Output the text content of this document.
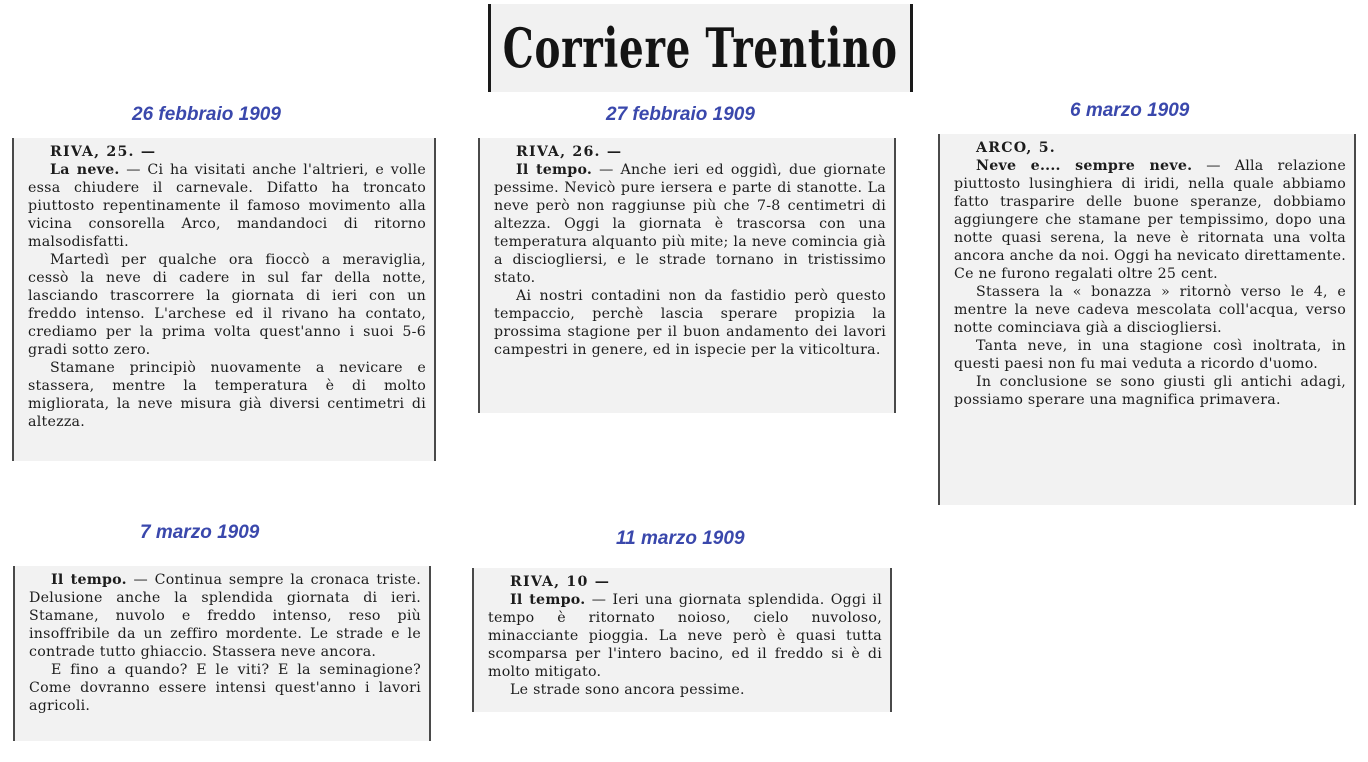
Corriere Trentino
26 febbraio 1909

RIVA, 25. —

La neve. — Ci ha visitati anche l'altrieri, e volle essa chiudere il carnevale. Difatto ha troncato piuttosto repentinamente il famoso movimento alla vicina consorella Arco, mandandoci di ritorno malsodisfatti.

Martedì per qualche ora fioccò a meraviglia, cessò la neve di cadere in sul far della notte, lasciando trascorrere la giornata di ieri con un freddo intenso. L'archese ed il rivano ha contato, crediamo per la prima volta quest'anno i suoi 5-6 gradi sotto zero.

Stamane principiò nuovamente a nevicare e stassera, mentre la temperatura è di molto migliorata, la neve misura già diversi centimetri di altezza.

27 febbraio 1909

RIVA, 26. —

Il tempo. — Anche ieri ed oggidì, due giornate pessime. Nevicò pure iersera e parte di stanotte. La neve però non raggiunse più che 7-8 centimetri di altezza. Oggi la giornata è trascorsa con una temperatura alquanto più mite; la neve comincia già a disciogliersi, e le strade tornano in tristissimo stato.

Ai nostri contadini non da fastidio però questo tempaccio, perchè lascia sperare propizia la prossima stagione per il buon andamento dei lavori campestri in genere, ed in ispecie per la viticoltura.

6 marzo 1909

ARCO, 5.

Neve e.... sempre neve. — Alla relazione piuttosto lusinghiera di iridi, nella quale abbiamo fatto trasparire delle buone speranze, dobbiamo aggiungere che stamane per tempissimo, dopo una notte quasi serena, la neve è ritornata una volta ancora anche da noi. Oggi ha nevicato direttamente. Ce ne furono regalati oltre 25 cent.

Stassera la « bonazza » ritornò verso le 4, e mentre la neve cadeva mescolata coll'acqua, verso notte cominciava già a disciogliersi.

Tanta neve, in una stagione così inoltrata, in questi paesi non fu mai veduta a ricordo d'uomo.

In conclusione se sono giusti gli antichi adagi, possiamo sperare una magnifica primavera.

7 marzo 1909

Il tempo. — Continua sempre la cronaca triste. Delusione anche la splendida giornata di ieri. Stamane, nuvolo e freddo intenso, reso più insoffribile da un zeffiro mordente. Le strade e le contrade tutto ghiaccio. Stassera neve ancora.

E fino a quando? E le viti? E la seminagione? Come dovranno essere intensi quest'anno i lavori agricoli.

11 marzo 1909

RIVA, 10 —

Il tempo. — Ieri una giornata splendida. Oggi il tempo è ritornato noioso, cielo nuvoloso, minacciante pioggia. La neve però è quasi tutta scomparsa per l'intero bacino, ed il freddo si è di molto mitigato.

Le strade sono ancora pessime.
